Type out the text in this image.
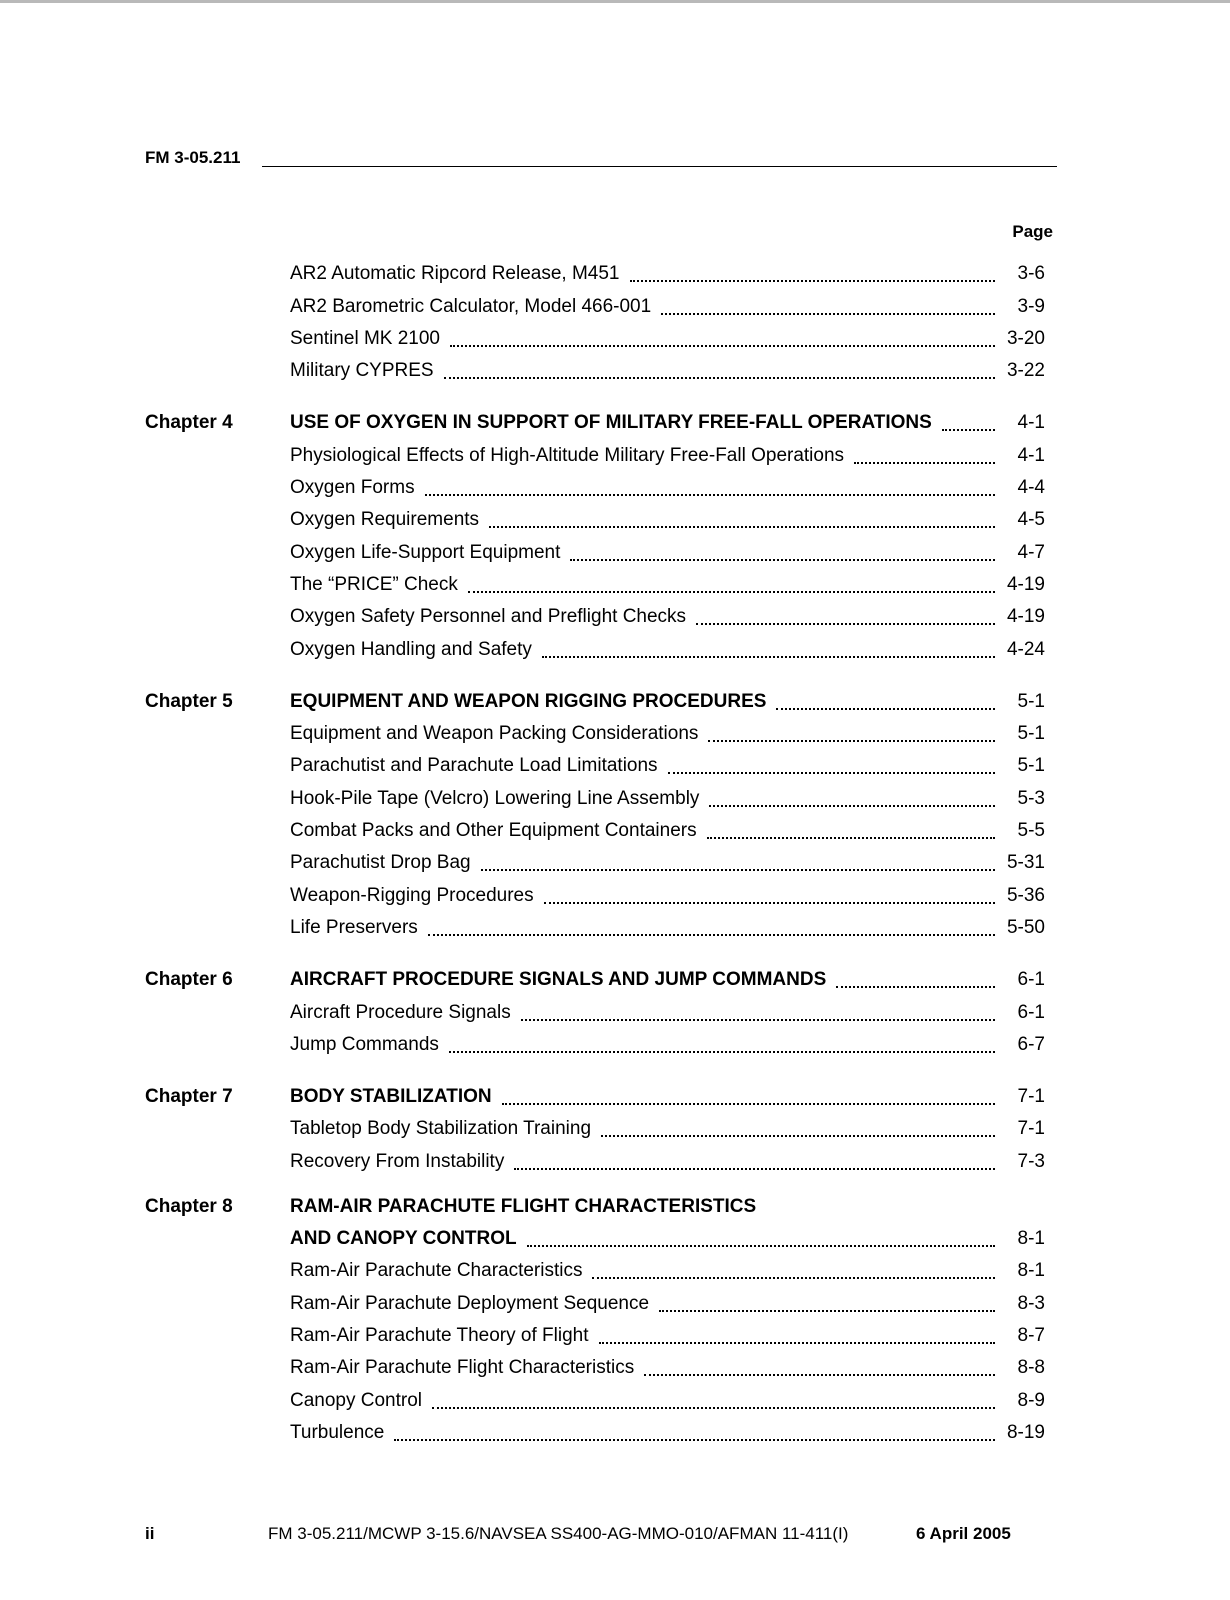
FM 3-05.211
Page
AR2 Automatic Ripcord Release, M451	3-6
AR2 Barometric Calculator, Model 466-001	3-9
Sentinel MK 2100	3-20
Military CYPRES	3-22
Chapter 4	USE OF OXYGEN IN SUPPORT OF MILITARY FREE-FALL OPERATIONS	4-1
Physiological Effects of High-Altitude Military Free-Fall Operations	4-1
Oxygen Forms	4-4
Oxygen Requirements	4-5
Oxygen Life-Support Equipment	4-7
The “PRICE” Check	4-19
Oxygen Safety Personnel and Preflight Checks	4-19
Oxygen Handling and Safety	4-24
Chapter 5	EQUIPMENT AND WEAPON RIGGING PROCEDURES	5-1
Equipment and Weapon Packing Considerations	5-1
Parachutist and Parachute Load Limitations	5-1
Hook-Pile Tape (Velcro) Lowering Line Assembly	5-3
Combat Packs and Other Equipment Containers	5-5
Parachutist Drop Bag	5-31
Weapon-Rigging Procedures	5-36
Life Preservers	5-50
Chapter 6	AIRCRAFT PROCEDURE SIGNALS AND JUMP COMMANDS	6-1
Aircraft Procedure Signals	6-1
Jump Commands	6-7
Chapter 7	BODY STABILIZATION	7-1
Tabletop Body Stabilization Training	7-1
Recovery From Instability	7-3
Chapter 8	RAM-AIR PARACHUTE FLIGHT CHARACTERISTICS
AND CANOPY CONTROL	8-1
Ram-Air Parachute Characteristics	8-1
Ram-Air Parachute Deployment Sequence	8-3
Ram-Air Parachute Theory of Flight	8-7
Ram-Air Parachute Flight Characteristics	8-8
Canopy Control	8-9
Turbulence	8-19
ii	FM 3-05.211/MCWP 3-15.6/NAVSEA SS400-AG-MMO-010/AFMAN 11-411(I)	6 April 2005
